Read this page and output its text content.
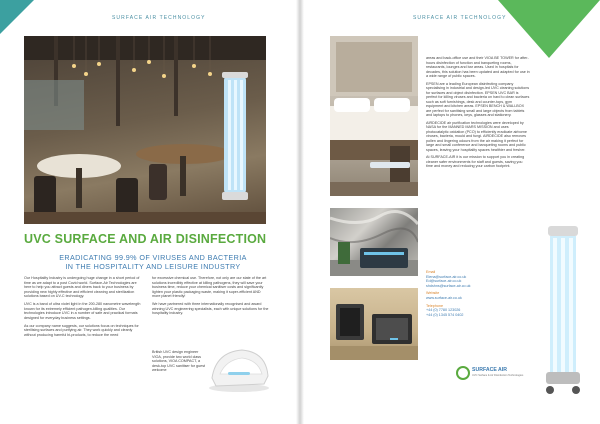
SURFACE AIR TECHNOLOGY
UVC SURFACE AND AIR DISINFECTION
ERADICATING 99.9% OF VIRUSES AND BACTERIA
IN THE HOSPITALITY AND LEISURE INDUSTRY

Our Hospitality Industry is undergoing huge change in a short period of time as we adapt to a post Covid world. Surface-Air Technologies are here to help you attract guests and diners back to your business by providing new highly effective and efficient cleaning and sterilization solutions based on UV-C technology.

UVC is a band of ultra violet light in the 200-280 nanometre wavelength known for its extremely efficient pathogen-killing qualities. Our technologies introduce UVC in a number of safe and practical formats designed for everyday business settings.

As our company name suggests, our solutions focus on techniques for sterilising surfaces and purifying air. They work quickly and cleanly without producing harmful bi-products, to reduce the need

for excessive chemical use. Therefore, not only are our state of the art solutions incredibly effective at killing pathogens, they will save your business time, reduce your chemical sanitiser costs and significantly lighten your plastic packaging waste, making it super-efficient AND more planet friendly!

We have partnered with three internationally recognised and award winning UVC engineering specialists, each with unique solutions for the hospitality industry.

British UVC design engineer VIOA, provide two world class solutions, VIOA COMPACT, a desk-top UVC sanitiser for guest welcome
SURFACE AIR TECHNOLOGY

areas and back-office use and their VIOA BE TOWER for after-hours disinfection of function and banqueting rooms, restaurants, lounges and bar areas. Used in hospitals for decades, this solution has been updated and adapted for use in a wide range of public spaces.

EPSEN are a leading European disinfecting company specialising in industrial and design-led UVC cleaning solutions for surfaces and object disinfection. EPSEN UVC BAR is perfect for killing viruses and bacteria on hard to clean surfaces such as soft furnishings, desk and counter-tops, gym equipment and kitchen areas. EPSEN BENCH & WALLBOX are perfect for sanitising small and large objects from tablets and laptops to phones, keys, glasses and stationery.

AIRDECIDE air purification technologies were developed by NASA for the MANNED MARS MISSION and uses photocatalytic oxidation (PCO) to efficiently eradicate airborne viruses, bacteria, mould and fungi. AIRDECIDE also removes pollen and lingering odours from the air making it perfect for large and small conference and banqueting rooms and public spaces, leaving your hospitality spaces healthier and fresher.

At SURFACE-AIR it is our mission to support you in creating cleaner safer environments for staff and guests, saving you time and money and reducing your carbon footprint.

Email
Elena@surface-air.co.uk
Ed@surface-air.co.uk
shdshns@surface-air.co.uk
Website
www.surface-air.co.uk
Telephone
+44 (0) 7780 123026
+44 (0) 1345 574 0402
SURFACE AIR
UVC Surface & Air Disinfection Technologies
